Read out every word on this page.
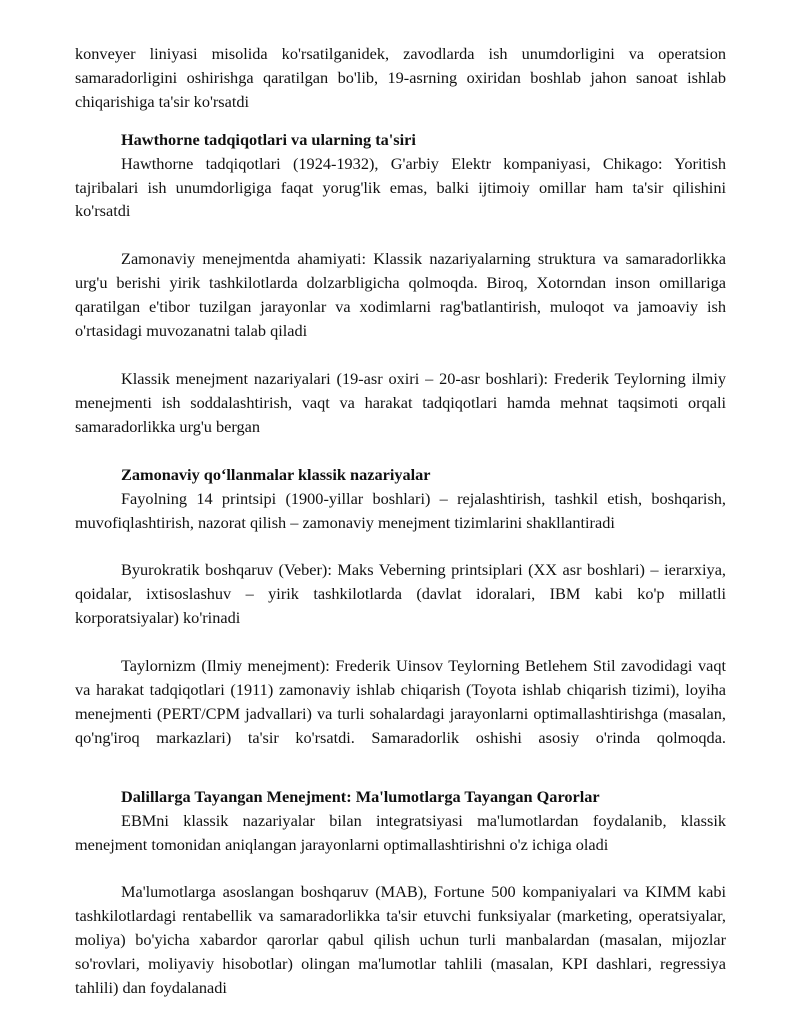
konveyer liniyasi misolida ko'rsatilganidek, zavodlarda ish unumdorligini va operatsion samaradorligini oshirishga qaratilgan bo'lib, 19-asrning oxiridan boshlab jahon sanoat ishlab chiqarishiga ta'sir ko'rsatdi

Hawthorne tadqiqotlari va ularning ta'siri

Hawthorne tadqiqotlari (1924-1932), G'arbiy Elektr kompaniyasi, Chikago: Yoritish tajribalari ish unumdorligiga faqat yorug'lik emas, balki ijtimoiy omillar ham ta'sir qilishini ko'rsatdi

Zamonaviy menejmentda ahamiyati: Klassik nazariyalarning struktura va samaradorlikka urg'u berishi yirik tashkilotlarda dolzarbligicha qolmoqda. Biroq, Xotorndan inson omillariga qaratilgan e'tibor tuzilgan jarayonlar va xodimlarni rag'batlantirish, muloqot va jamoaviy ish o'rtasidagi muvozanatni talab qiladi

Klassik menejment nazariyalari (19-asr oxiri – 20-asr boshlari): Frederik Teylorning ilmiy menejmenti ish soddalashtirish, vaqt va harakat tadqiqotlari hamda mehnat taqsimoti orqali samaradorlikka urg'u bergan

Zamonaviy qo‘llanmalar klassik nazariyalar

Fayolning 14 printsipi (1900-yillar boshlari) – rejalashtirish, tashkil etish, boshqarish, muvofiqlashtirish, nazorat qilish – zamonaviy menejment tizimlarini shakllantiradi

Byurokratik boshqaruv (Veber): Maks Veberning printsiplari (XX asr boshlari) – ierarxiya, qoidalar, ixtisoslashuv – yirik tashkilotlarda (davlat idoralari, IBM kabi ko'p millatli korporatsiyalar) ko'rinadi

Taylornizm (Ilmiy menejment): Frederik Uinsov Teylorning Betlehem Stil zavodidagi vaqt va harakat tadqiqotlari (1911) zamonaviy ishlab chiqarish (Toyota ishlab chiqarish tizimi), loyiha menejmenti (PERT/CPM jadvallari) va turli sohalardagi jarayonlarni optimallashtirishga (masalan, qo'ng'iroq markazlari) ta'sir ko'rsatdi. Samaradorlik oshishi asosiy o'rinda qolmoqda.

Dalillarga Tayangan Menejment: Ma'lumotlarga Tayangan Qarorlar

EBMni klassik nazariyalar bilan integratsiyasi ma'lumotlardan foydalanib, klassik menejment tomonidan aniqlangan jarayonlarni optimallashtirishni o'z ichiga oladi

Ma'lumotlarga asoslangan boshqaruv (MAB), Fortune 500 kompaniyalari va KIMM kabi tashkilotlardagi rentabellik va samaradorlikka ta'sir etuvchi funksiyalar (marketing, operatsiyalar, moliya) bo'yicha xabardor qarorlar qabul qilish uchun turli manbalardan (masalan, mijozlar so'rovlari, moliyaviy hisobotlar) olingan ma'lumotlar tahlili (masalan, KPI dashlari, regressiya tahlili) dan foydalanadi
